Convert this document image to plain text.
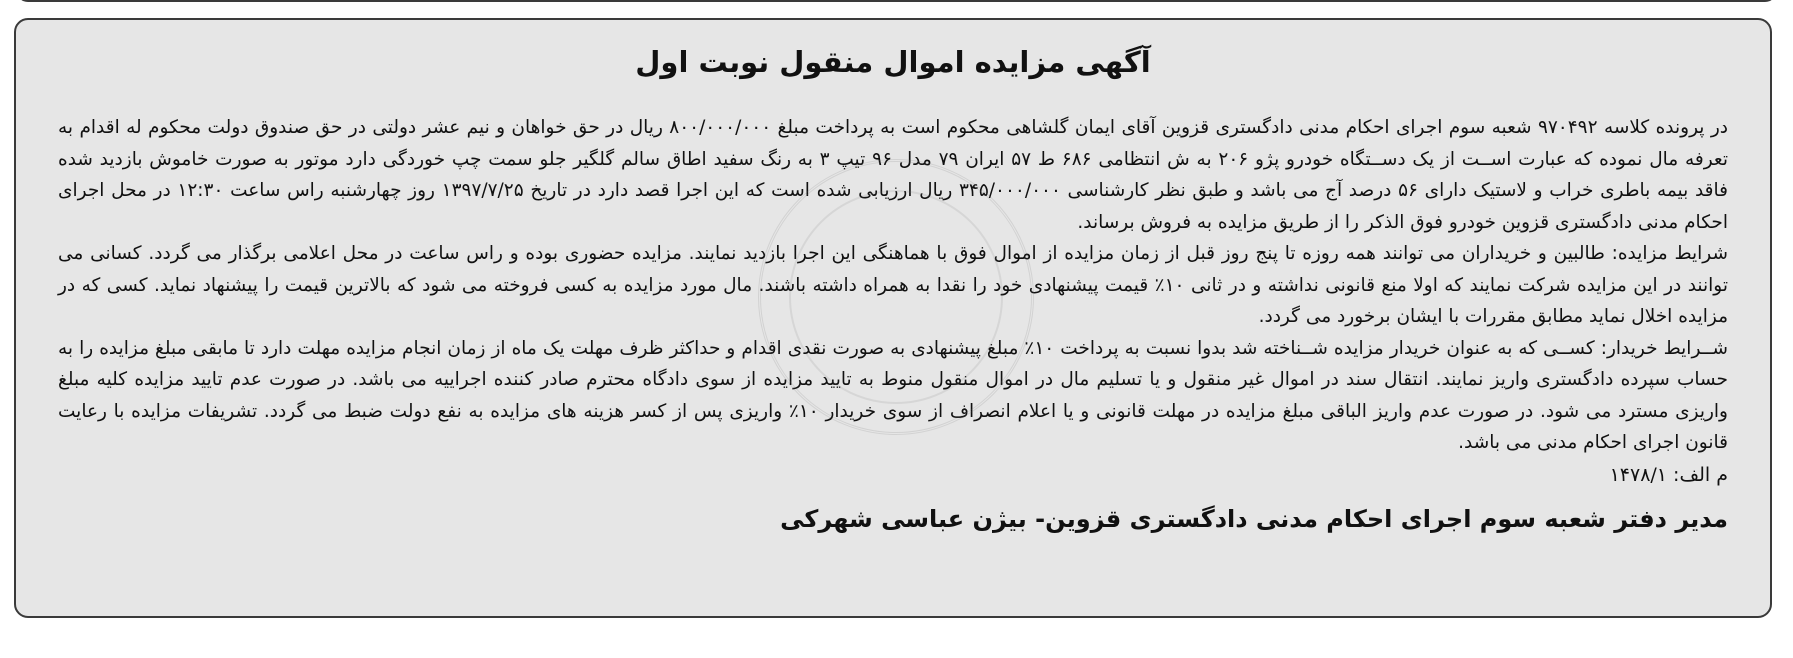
آگهی مزایده اموال منقول نوبت اول

در پرونده کلاسه ۹۷۰۴۹۲ شعبه سوم اجرای احکام مدنی دادگستری قزوین آقای ایمان گلشاهی محکوم است به پرداخت مبلغ ۸۰۰/۰۰۰/۰۰۰ ریال در حق خواهان و نیم عشر دولتی در حق صندوق دولت محکوم له اقدام به تعرفه مال نموده که عبارت اســت از یک دســتگاه خودرو پژو ۲۰۶ به ش انتظامی ۶۸۶ ط ۵۷ ایران ۷۹ مدل ۹۶ تیپ ۳ به رنگ سفید اطاق سالم گلگیر جلو سمت چپ خوردگی دارد موتور به صورت خاموش بازدید شده فاقد بیمه باطری خراب و لاستیک دارای ۵۶ درصد آج می باشد و طبق نظر کارشناسی ۳۴۵/۰۰۰/۰۰۰ ریال ارزیابی شده است که این اجرا قصد دارد در تاریخ ۱۳۹۷/۷/۲۵ روز چهارشنبه راس ساعت ۱۲:۳۰ در محل اجرای احکام مدنی دادگستری قزوین خودرو فوق الذکر را از طریق مزایده به فروش برساند.

شرایط مزایده: طالبین و خریداران می توانند همه روزه تا پنج روز قبل از زمان مزایده از اموال فوق با هماهنگی این اجرا بازدید نمایند. مزایده حضوری بوده و راس ساعت در محل اعلامی برگذار می گردد. کسانی می توانند در این مزایده شرکت نمایند که اولا منع قانونی نداشته و در ثانی ۱۰٪ قیمت پیشنهادی خود را نقدا به همراه داشته باشند. مال مورد مزایده به کسی فروخته می شود که بالاترین قیمت را پیشنهاد نماید. کسی که در مزایده اخلال نماید مطابق مقررات با ایشان برخورد می گردد.

شــرایط خریدار: کســی که به عنوان خریدار مزایده شــناخته شد بدوا نسبت به پرداخت ۱۰٪ مبلغ پیشنهادی به صورت نقدی اقدام و حداکثر ظرف مهلت یک ماه از زمان انجام مزایده مهلت دارد تا مابقی مبلغ مزایده را به حساب سپرده دادگستری واریز نمایند. انتقال سند در اموال غیر منقول و یا تسلیم مال در اموال منقول منوط به تایید مزایده از سوی دادگاه محترم صادر کننده اجراییه می باشد. در صورت عدم تایید مزایده کلیه مبلغ واریزی مسترد می شود. در صورت عدم واریز الباقی مبلغ مزایده در مهلت قانونی و یا اعلام انصراف از سوی خریدار ۱۰٪ واریزی پس از کسر هزینه های مزایده به نفع دولت ضبط می گردد. تشریفات مزایده با رعایت قانون اجرای احکام مدنی می باشد.

م الف: ۱۴۷۸/۱

مدیر دفتر شعبه سوم اجرای احکام مدنی دادگستری قزوین- بیژن عباسی شهرکی
